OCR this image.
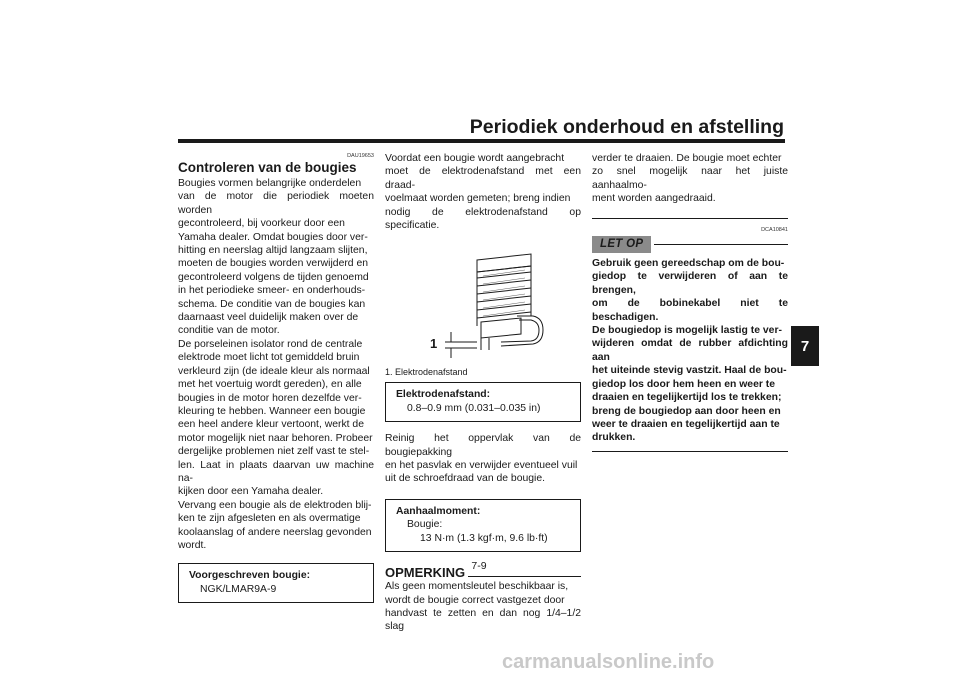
Periodiek onderhoud en afstelling
7
7-9
DAU19653
Controleren van de bougies

Bougies vormen belangrijke onderdelen
van de motor die periodiek moeten worden
gecontroleerd, bij voorkeur door een
Yamaha dealer. Omdat bougies door ver-
hitting en neerslag altijd langzaam slijten,
moeten de bougies worden verwijderd en
gecontroleerd volgens de tijden genoemd
in het periodieke smeer- en onderhouds-
schema. De conditie van de bougies kan
daarnaast veel duidelijk maken over de
conditie van de motor.

De porseleinen isolator rond de centrale
elektrode moet licht tot gemiddeld bruin
verkleurd zijn (de ideale kleur als normaal
met het voertuig wordt gereden), en alle
bougies in de motor horen dezelfde ver-
kleuring te hebben. Wanneer een bougie
een heel andere kleur vertoont, werkt de
motor mogelijk niet naar behoren. Probeer
dergelijke problemen niet zelf vast te stel-
len. Laat in plaats daarvan uw machine na-
kijken door een Yamaha dealer.

Vervang een bougie als de elektroden blij-
ken te zijn afgesleten en als overmatige
koolaanslag of andere neerslag gevonden
wordt.

Voorgeschreven bougie:
NGK/LMAR9A-9

Voordat een bougie wordt aangebracht
moet de elektrodenafstand met een draad-
voelmaat worden gemeten; breng indien
nodig de elektrodenafstand op specificatie.

1
1. Elektrodenafstand
Elektrodenafstand:
0.8–0.9 mm (0.031–0.035 in)

Reinig het oppervlak van de bougiepakking
en het pasvlak en verwijder eventueel vuil
uit de schroefdraad van de bougie.

Aanhaalmoment:
Bougie:
13 N·m (1.3 kgf·m, 9.6 lb·ft)
OPMERKING

Als geen momentsleutel beschikbaar is,
wordt de bougie correct vastgezet door
handvast te zetten en dan nog 1/4–1/2 slag

verder te draaien. De bougie moet echter
zo snel mogelijk naar het juiste aanhaalmo-
ment worden aangedraaid.

DCA10841
LET OP

Gebruik geen gereedschap om de bou-
giedop te verwijderen of aan te brengen,
om de bobinekabel niet te beschadigen.
De bougiedop is mogelijk lastig te ver-
wijderen omdat de rubber afdichting aan
het uiteinde stevig vastzit. Haal de bou-
giedop los door hem heen en weer te
draaien en tegelijkertijd los te trekken;
breng de bougiedop aan door heen en
weer te draaien en tegelijkertijd aan te
drukken.

carmanualsonline.info
